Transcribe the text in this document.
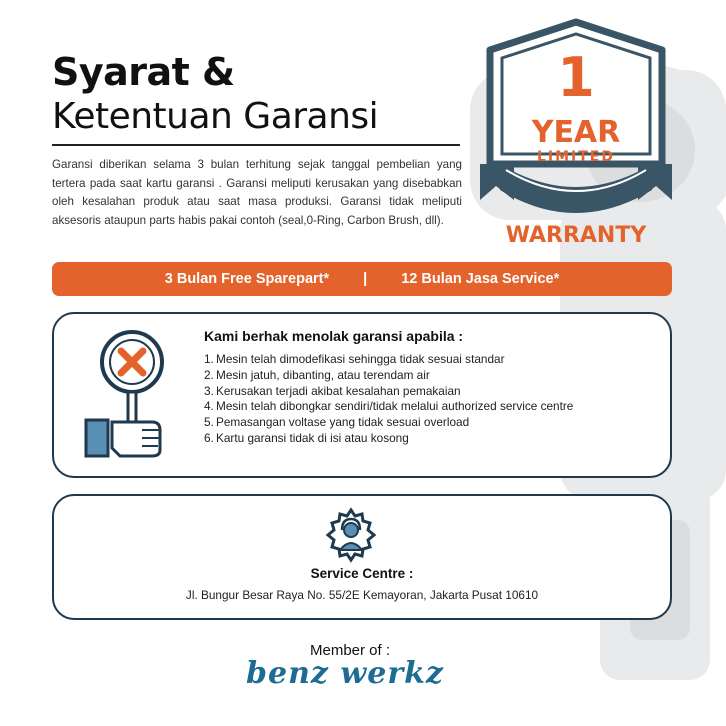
Syarat &
Ketentuan Garansi

Garansi diberikan selama 3 bulan terhitung sejak tanggal pembelian yang tertera pada saat kartu garansi . Garansi meliputi kerusakan yang disebabkan oleh kesalahan produk atau saat masa produksi. Garansi tidak meliputi aksesoris ataupun parts habis pakai contoh (seal,0-Ring, Carbon Brush, dll).

1
YEAR
LIMITED
WARRANTY
3 Bulan Free Sparepart* | 12 Bulan Jasa Service*
Kami berhak menolak garansi apabila :
1. Mesin telah dimodefikasi sehingga tidak sesuai standar
2. Mesin jatuh, dibanting, atau terendam air
3. Kerusakan terjadi akibat kesalahan pemakaian
4. Mesin telah dibongkar sendiri/tidak melalui authorized service centre
5. Pemasangan voltase yang tidak sesuai overload
6. Kartu garansi tidak di isi atau kosong
Service Centre :
Jl. Bungur Besar Raya No. 55/2E Kemayoran, Jakarta Pusat 10610
Member of :
benz werkz
